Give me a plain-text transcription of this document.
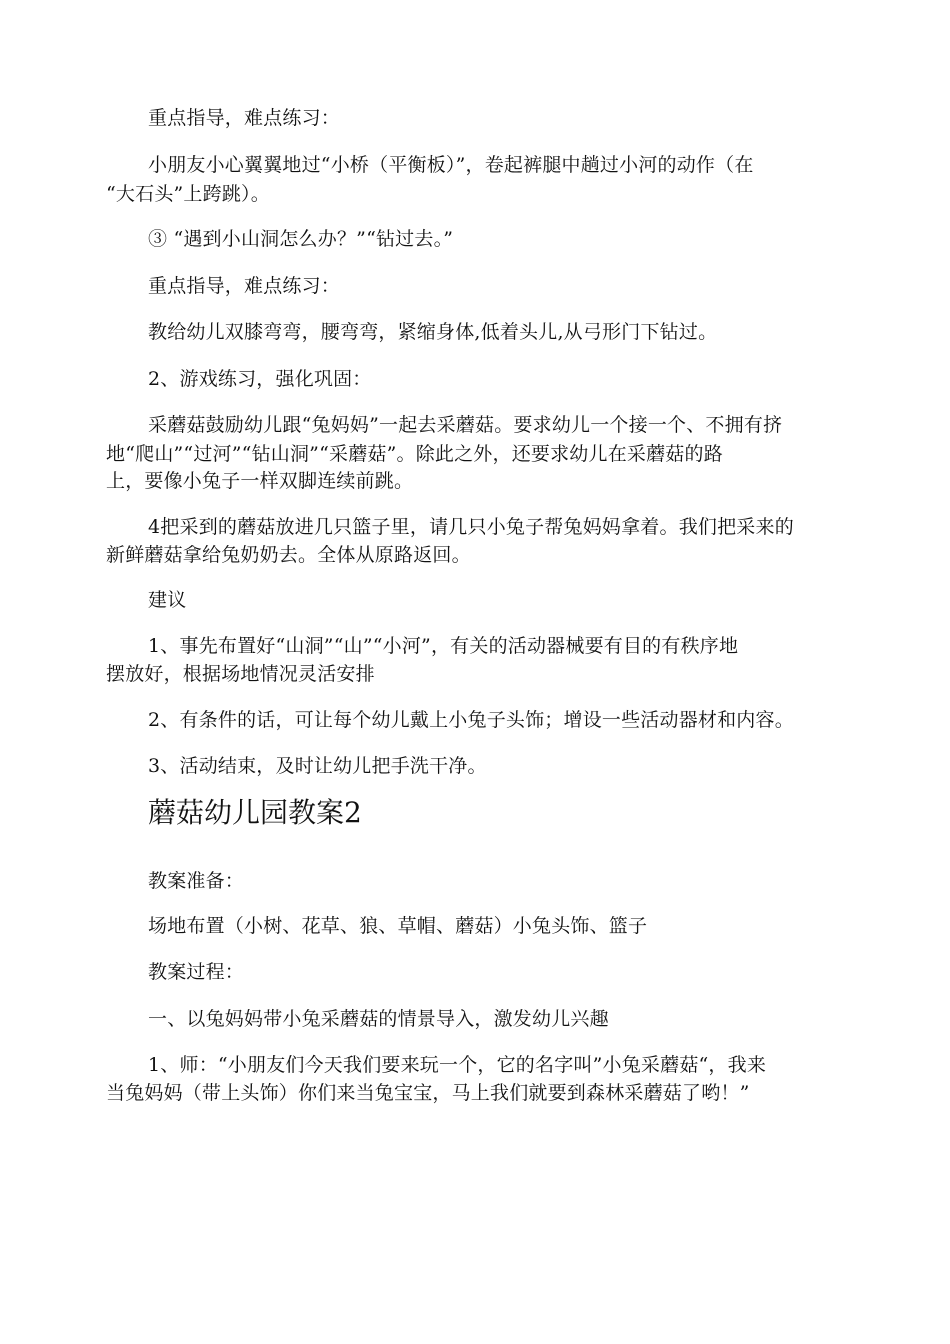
重点指导，难点练习：
小朋友小心翼翼地过“小桥（平衡板）”，卷起裤腿中趟过小河的动作（在
“大石头”上跨跳）。
③ “遇到小山洞怎么办？”“钻过去。”
重点指导，难点练习：
教给幼儿双膝弯弯，腰弯弯，紧缩身体,低着头儿,从弓形门下钻过。
2、游戏练习，强化巩固：
采蘑菇鼓励幼儿跟“兔妈妈”一起去采蘑菇。要求幼儿一个接一个、不拥有挤
地“爬山”“过河”“钻山洞”“采蘑菇”。除此之外，还要求幼儿在采蘑菇的路
上，要像小兔子一样双脚连续前跳。
4把采到的蘑菇放进几只篮子里，请几只小兔子帮兔妈妈拿着。我们把采来的
新鲜蘑菇拿给兔奶奶去。全体从原路返回。
建议
1、事先布置好“山洞”“山”“小河”，有关的活动器械要有目的有秩序地
摆放好，根据场地情况灵活安排
2、有条件的话，可让每个幼儿戴上小兔子头饰；增设一些活动器材和内容。
3、活动结束，及时让幼儿把手洗干净。
蘑菇幼儿园教案2
教案准备：
场地布置（小树、花草、狼、草帽、蘑菇）小兔头饰、篮子
教案过程：
一、以兔妈妈带小兔采蘑菇的情景导入，激发幼儿兴趣
1、师：“小朋友们今天我们要来玩一个，它的名字叫”小兔采蘑菇“，我来
当兔妈妈（带上头饰）你们来当兔宝宝，马上我们就要到森林采蘑菇了哟！”
